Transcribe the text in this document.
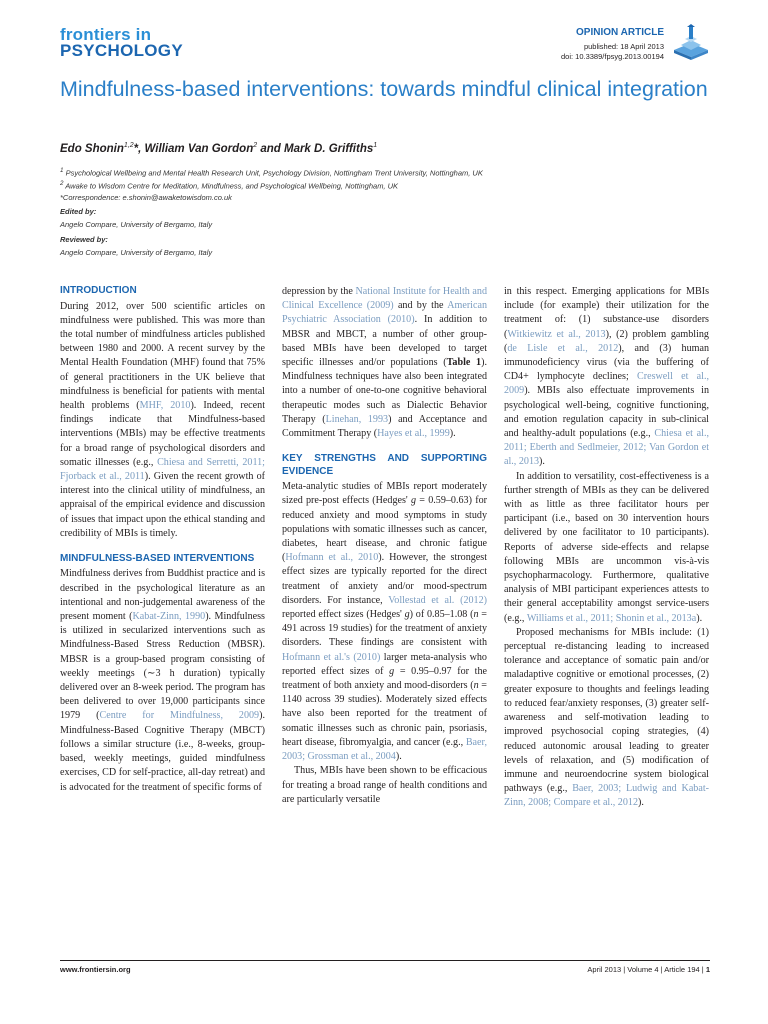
frontiers in
PSYCHOLOGY
OPINION ARTICLE
published: 18 April 2013
doi: 10.3389/fpsyg.2013.00194
Mindfulness-based interventions: towards mindful clinical integration
Edo Shonin$^{1,2}$*, William Van Gordon$^2$ and Mark D. Griffiths$^1$
$^1$ Psychological Wellbeing and Mental Health Research Unit, Psychology Division, Nottingham Trent University, Nottingham, UK
$^2$ Awake to Wisdom Centre for Meditation, Mindfulness, and Psychological Wellbeing, Nottingham, UK
*Correspondence: e.shonin@awaketowisdom.co.uk
Edited by:
Angelo Compare, University of Bergamo, Italy
Reviewed by:
Angelo Compare, University of Bergamo, Italy

INTRODUCTION

During 2012, over 500 scientific articles on mindfulness were published. This was more than the total number of mindfulness articles published between 1980 and 2000. A recent survey by the Mental Health Foundation (MHF) found that 75% of general practitioners in the UK believe that mindfulness is beneficial for patients with mental health problems (MHF, 2010). Indeed, recent findings indicate that Mindfulness-based interventions (MBIs) may be effective treatments for a broad range of psychological disorders and somatic illnesses (e.g., Chiesa and Serretti, 2011; Fjorback et al., 2011). Given the recent growth of interest into the clinical utility of mindfulness, an appraisal of the empirical evidence and discussion of issues that impact upon the ethical standing and credibility of MBIs is timely.

MINDFULNESS-BASED INTERVENTIONS

Mindfulness derives from Buddhist practice and is described in the psychological literature as an intentional and non-judgemental awareness of the present moment (Kabat-Zinn, 1990). Mindfulness is utilized in secularized interventions such as Mindfulness-Based Stress Reduction (MBSR). MBSR is a group-based program consisting of weekly meetings (∼3 h duration) typically delivered over an 8-week period. The program has been delivered to over 19,000 participants since 1979 (Centre for Mindfulness, 2009). Mindfulness-Based Cognitive Therapy (MBCT) follows a similar structure (i.e., 8-weeks, group-based, weekly meetings, guided mindfulness exercises, CD for self-practice, all-day retreat) and is advocated for the treatment of specific forms of

depression by the National Institute for Health and Clinical Excellence (2009) and by the American Psychiatric Association (2010). In addition to MBSR and MBCT, a number of other group-based MBIs have been developed to target specific illnesses and/or populations (Table 1). Mindfulness techniques have also been integrated into a number of one-to-one cognitive behavioral therapeutic modes such as Dialectic Behavior Therapy (Linehan, 1993) and Acceptance and Commitment Therapy (Hayes et al., 1999).

KEY STRENGTHS AND SUPPORTING EVIDENCE

Meta-analytic studies of MBIs report moderately sized pre-post effects (Hedges' g = 0.59–0.63) for reduced anxiety and mood symptoms in study populations with somatic illnesses such as cancer, diabetes, heart disease, and chronic fatigue (Hofmann et al., 2010). However, the strongest effect sizes are typically reported for the direct treatment of anxiety and/or mood-spectrum disorders. For instance, Vollestad et al. (2012) reported effect sizes (Hedges' g) of 0.85–1.08 (n = 491 across 19 studies) for the treatment of anxiety disorders. These findings are consistent with Hofmann et al.'s (2010) larger meta-analysis who reported effect sizes of g = 0.95–0.97 for the treatment of both anxiety and mood-disorders (n = 1140 across 39 studies). Moderately sized effects have also been reported for the treatment of somatic illnesses such as chronic pain, psoriasis, heart disease, fibromyalgia, and cancer (e.g., Baer, 2003; Grossman et al., 2004).

Thus, MBIs have been shown to be efficacious for treating a broad range of health conditions and are particularly versatile

in this respect. Emerging applications for MBIs include (for example) their utilization for the treatment of: (1) substance-use disorders (Witkiewitz et al., 2013), (2) problem gambling (de Lisle et al., 2012), and (3) human immunodeficiency virus (via the buffering of CD4+ lymphocyte declines; Creswell et al., 2009). MBIs also effectuate improvements in psychological well-being, cognitive functioning, and emotion regulation capacity in sub-clinical and healthy-adult populations (e.g., Chiesa et al., 2011; Eberth and Sedlmeier, 2012; Van Gordon et al., 2013).

In addition to versatility, cost-effectiveness is a further strength of MBIs as they can be delivered with as little as three facilitator hours per participant (i.e., based on 30 intervention hours delivered by one facilitator to 10 participants). Reports of adverse side-effects and relapse following MBIs are uncommon vis-à-vis psychopharmacology. Furthermore, qualitative analysis of MBI participant experiences attests to their general acceptability amongst service-users (e.g., Williams et al., 2011; Shonin et al., 2013a).

Proposed mechanisms for MBIs include: (1) perceptual re-distancing leading to increased tolerance and acceptance of somatic pain and/or maladaptive cognitive or emotional processes, (2) greater exposure to thoughts and feelings leading to reduced fear/anxiety responses, (3) greater self-awareness and self-motivation leading to improved psychosocial coping strategies, (4) reduced autonomic arousal leading to greater levels of relaxation, and (5) modification of immune and neuroendocrine system biological pathways (e.g., Baer, 2003; Ludwig and Kabat-Zinn, 2008; Compare et al., 2012).

www.frontiersin.org	April 2013 | Volume 4 | Article 194 | 1
